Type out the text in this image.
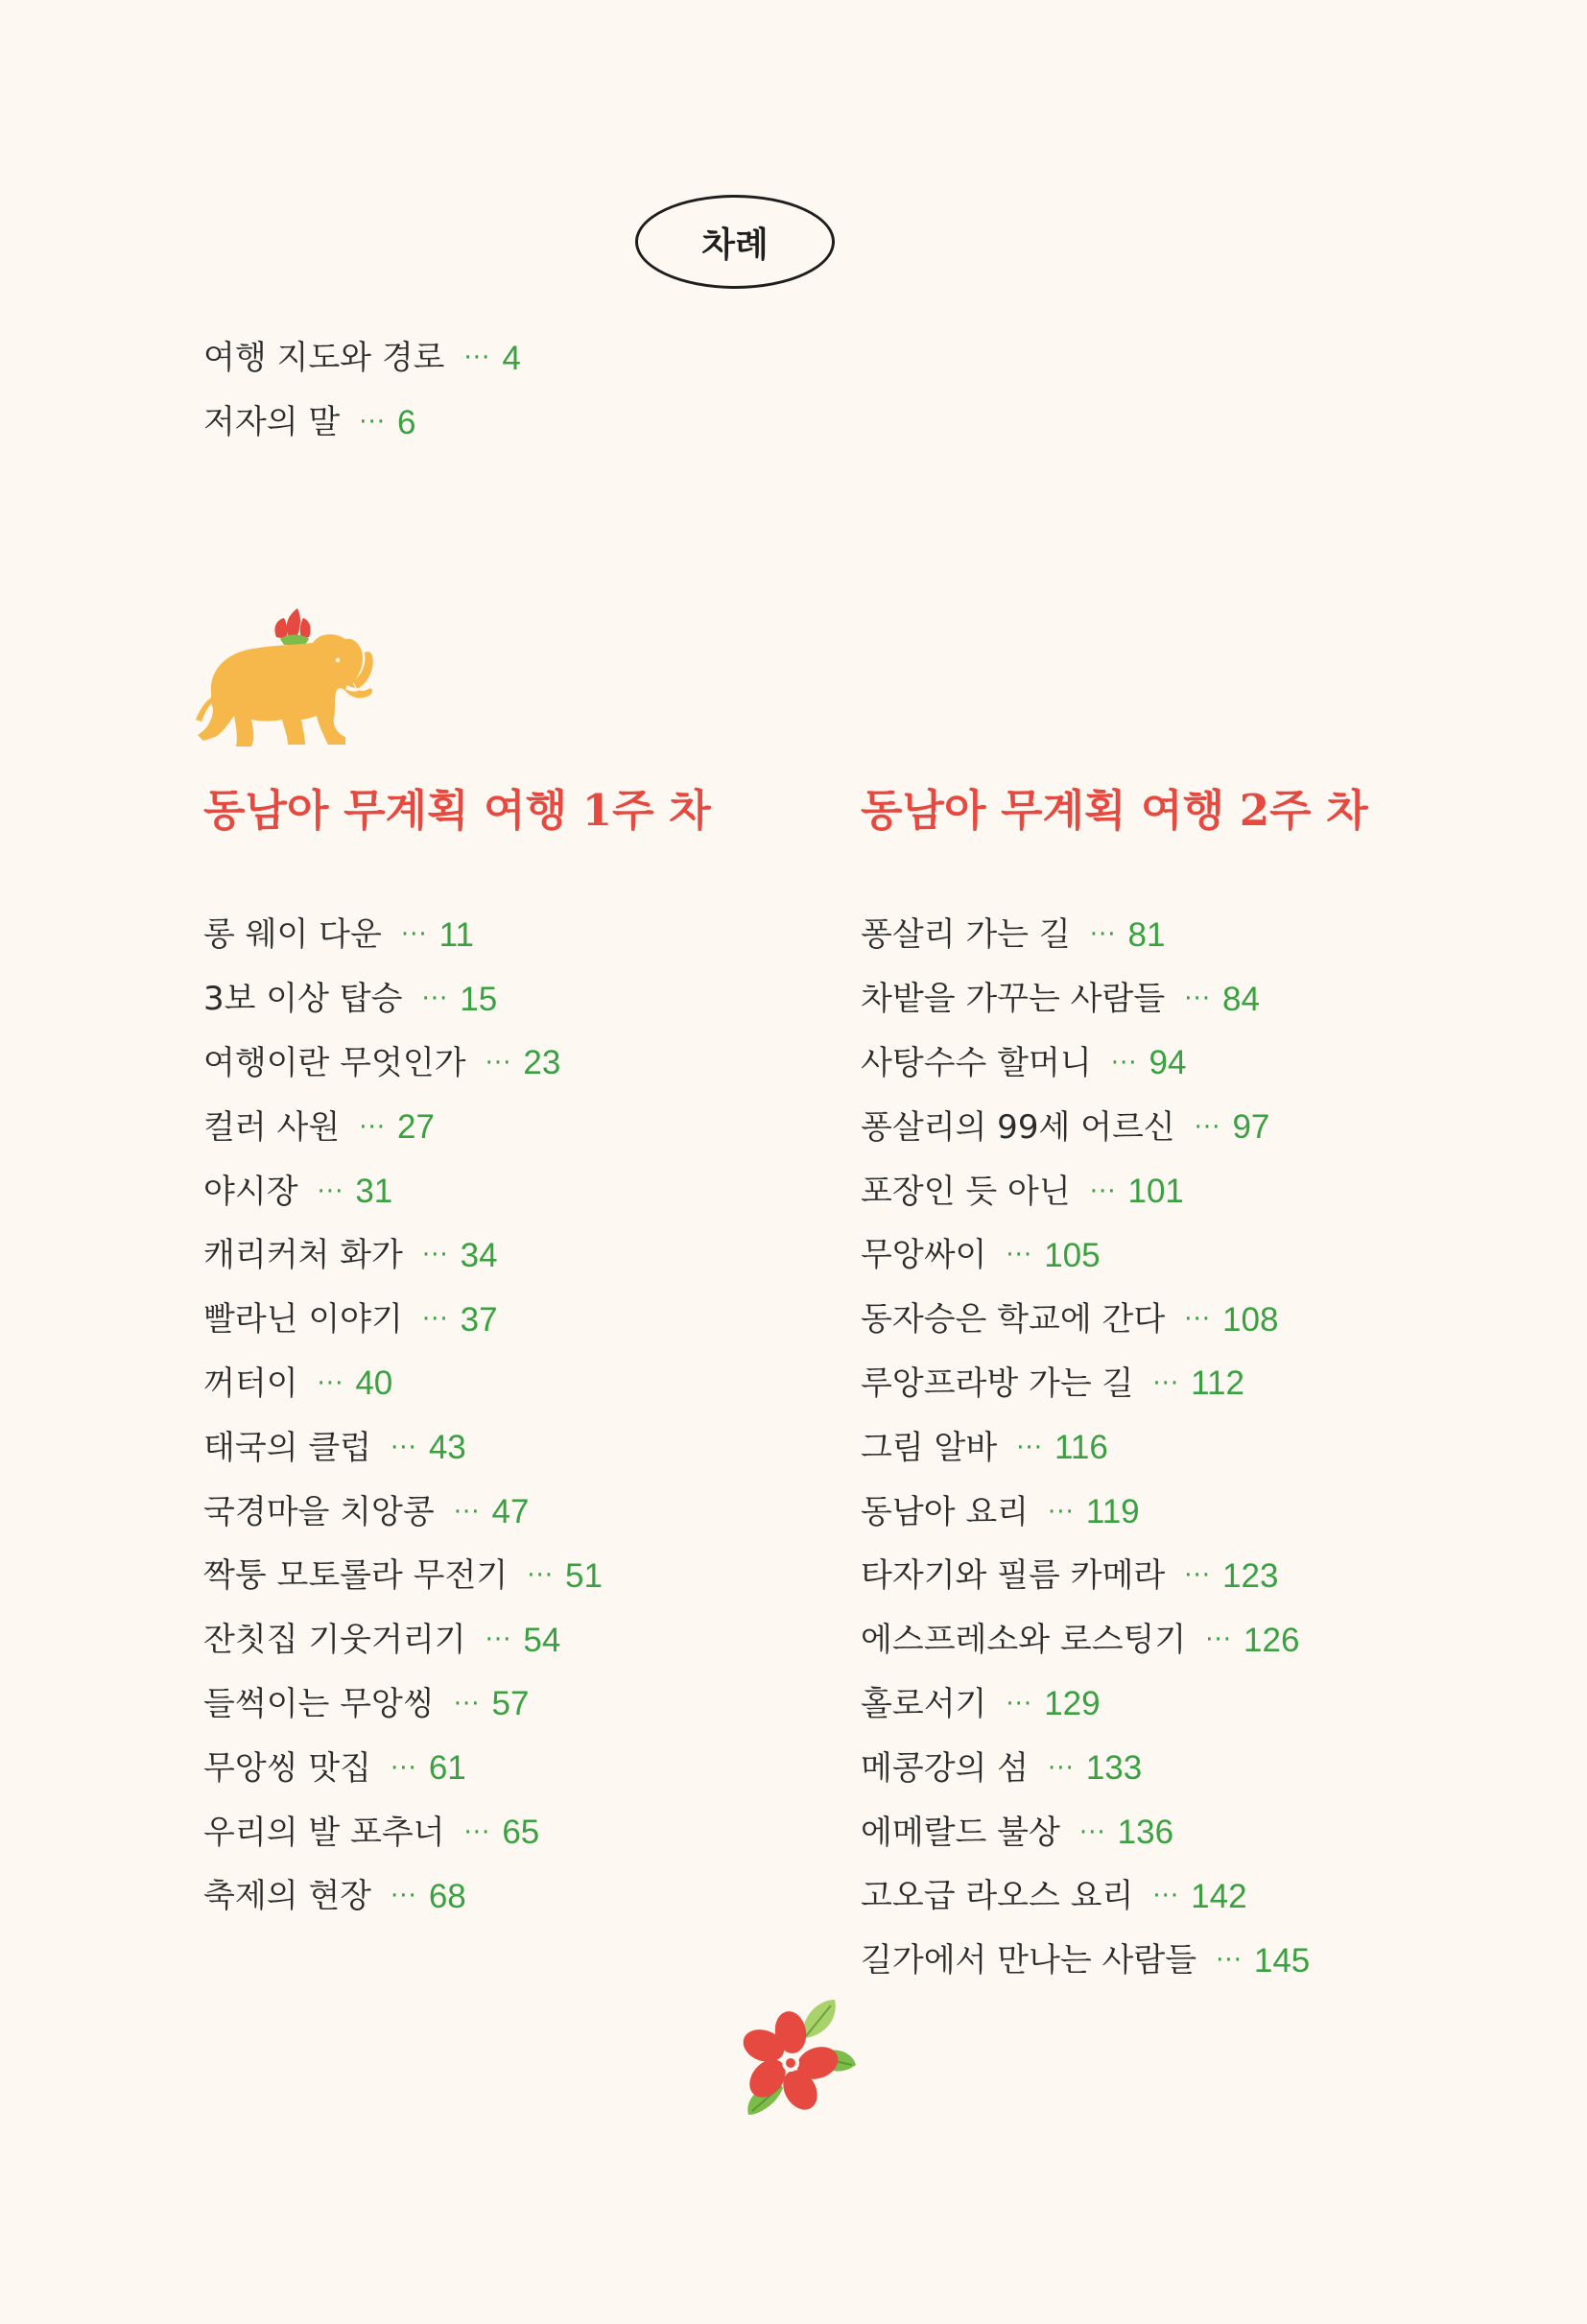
차례
여행 지도와 경로 ··· 4
저자의 말 ··· 6
동남아 무계획 여행 1주 차	동남아 무계획 여행 2주 차
롱 웨이 다운 ··· 11
3보 이상 탑승 ··· 15
여행이란 무엇인가 ··· 23
컬러 사원 ··· 27
야시장 ··· 31
캐리커처 화가 ··· 34
빨라닌 이야기 ··· 37
꺼터이 ··· 40
태국의 클럽 ··· 43
국경마을 치앙콩 ··· 47
짝퉁 모토롤라 무전기 ··· 51
잔칫집 기웃거리기 ··· 54
들썩이는 무앙씽 ··· 57
무앙씽 맛집 ··· 61
우리의 발 포추너 ··· 65
축제의 현장 ··· 68
퐁살리 가는 길 ··· 81
차밭을 가꾸는 사람들 ··· 84
사탕수수 할머니 ··· 94
퐁살리의 99세 어르신 ··· 97
포장인 듯 아닌 ··· 101
무앙싸이 ··· 105
동자승은 학교에 간다 ··· 108
루앙프라방 가는 길 ··· 112
그림 알바 ··· 116
동남아 요리 ··· 119
타자기와 필름 카메라 ··· 123
에스프레소와 로스팅기 ··· 126
홀로서기 ··· 129
메콩강의 섬 ··· 133
에메랄드 불상 ··· 136
고오급 라오스 요리 ··· 142
길가에서 만나는 사람들 ··· 145
